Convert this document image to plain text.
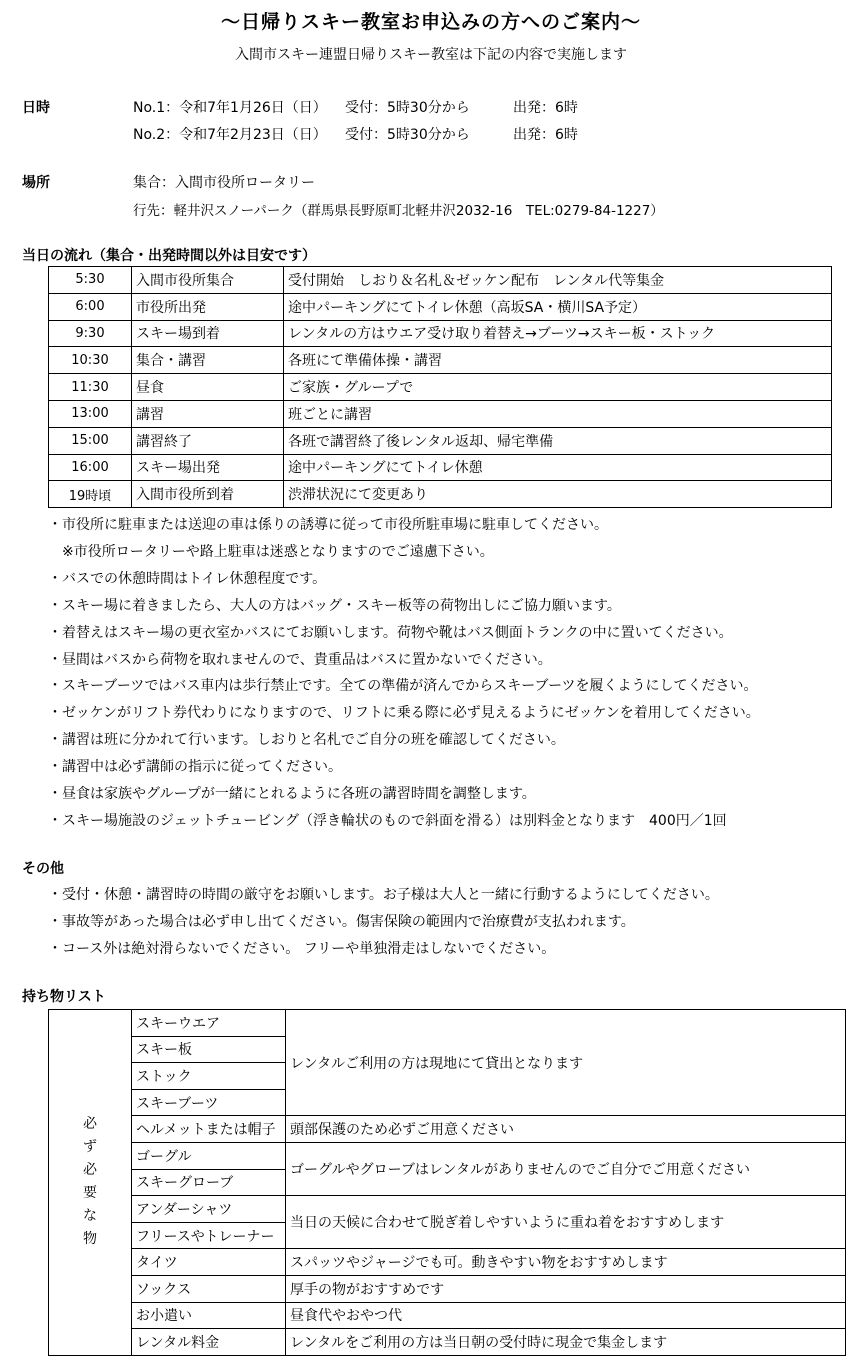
～日帰りスキー教室お申込みの方へのご案内～
入間市スキー連盟日帰りスキー教室は下記の内容で実施します
日時	No.1：令和7年1月26日（日） 受付：5時30分から	出発：6時
No.2：令和7年2月23日（日） 受付：5時30分から	出発：6時
場所	集合：入間市役所ロータリー
行先：軽井沢スノーパーク（群馬県長野原町北軽井沢2032-16　TEL:0279-84-1227）
当日の流れ（集合・出発時間以外は目安です）
5:30	入間市役所集合	受付開始　しおり＆名札＆ゼッケン配布　レンタル代等集金
6:00	市役所出発	途中パーキングにてトイレ休憩（高坂SA・横川SA予定）
9:30	スキー場到着	レンタルの方はウエア受け取り着替え→ブーツ→スキー板・ストック
10:30	集合・講習	各班にて準備体操・講習
11:30	昼食	ご家族・グループで
13:00	講習	班ごとに講習
15:00	講習終了	各班で講習終了後レンタル返却、帰宅準備
16:00	スキー場出発	途中パーキングにてトイレ休憩
19時頃	入間市役所到着	渋滞状況にて変更あり
・市役所に駐車または送迎の車は係りの誘導に従って市役所駐車場に駐車してください。
　※市役所ロータリーや路上駐車は迷惑となりますのでご遠慮下さい。
・バスでの休憩時間はトイレ休憩程度です。
・スキー場に着きましたら、大人の方はバッグ・スキー板等の荷物出しにご協力願います。
・着替えはスキー場の更衣室かバスにてお願いします。荷物や靴はバス側面トランクの中に置いてください。
・昼間はバスから荷物を取れませんので、貴重品はバスに置かないでください。
・スキーブーツではバス車内は歩行禁止です。全ての準備が済んでからスキーブーツを履くようにしてください。
・ゼッケンがリフト券代わりになりますので、リフトに乗る際に必ず見えるようにゼッケンを着用してください。
・講習は班に分かれて行います。しおりと名札でご自分の班を確認してください。
・講習中は必ず講師の指示に従ってください。
・昼食は家族やグループが一緒にとれるように各班の講習時間を調整します。
・スキー場施設のジェットチュービング（浮き輪状のもので斜面を滑る）は別料金となります　400円／1回
その他
・受付・休憩・講習時の時間の厳守をお願いします。お子様は大人と一緒に行動するようにしてください。
・事故等があった場合は必ず申し出てください。傷害保険の範囲内で治療費が支払われます。
・コース外は絶対滑らないでください。 フリーや単独滑走はしないでください。
持ち物リスト
必ず必要な物	スキーウエア	レンタルご利用の方は現地にて貸出となります
	スキー板	
	ストック	
	スキーブーツ	
	ヘルメットまたは帽子	頭部保護のため必ずご用意ください
	ゴーグル	ゴーグルやグローブはレンタルがありませんのでご自分でご用意ください
	スキーグローブ	
	アンダーシャツ	当日の天候に合わせて脱ぎ着しやすいように重ね着をおすすめします
	フリースやトレーナー	
	タイツ	スパッツやジャージでも可。動きやすい物をおすすめします
	ソックス	厚手の物がおすすめです
	お小遣い	昼食代やおやつ代
	レンタル料金	レンタルをご利用の方は当日朝の受付時に現金で集金します
